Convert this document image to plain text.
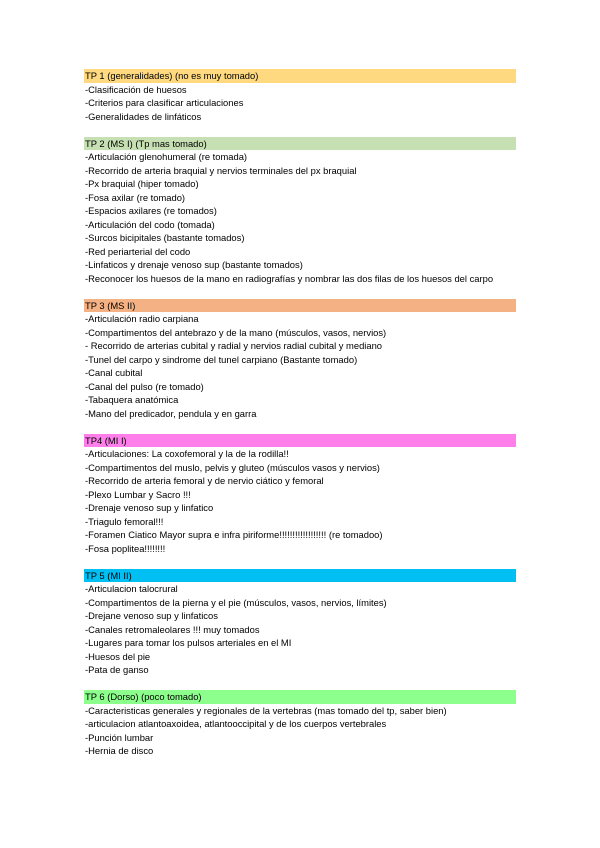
TP 1 (generalidades) (no es muy tomado)
-Clasificación de huesos
-Criterios para clasificar articulaciones
-Generalidades de linfáticos
TP 2 (MS I) (Tp mas tomado)
-Articulación glenohumeral (re tomada)
-Recorrido de arteria braquial y nervios terminales del px braquial
-Px braquial (hiper tomado)
-Fosa axilar (re tomado)
-Espacios axilares (re tomados)
-Articulación del codo (tomada)
-Surcos bicipitales (bastante tomados)
-Red periarterial del codo
-Linfaticos y drenaje venoso sup (bastante tomados)
-Reconocer los huesos de la mano en radiografías y nombrar las dos filas de los huesos del carpo
TP 3 (MS II)
-Articulación radio carpiana
-Compartimentos del antebrazo y de la mano (músculos, vasos, nervios)
- Recorrido de arterias cubital y radial y nervios radial cubital y mediano
-Tunel del carpo y sindrome del tunel carpiano (Bastante tomado)
-Canal cubital
-Canal del pulso (re tomado)
-Tabaquera anatómica
-Mano del predicador, pendula y en garra
TP4 (MI I)
-Articulaciones: La coxofemoral y la de la rodilla!!
-Compartimentos del muslo, pelvis y gluteo (músculos vasos y nervios)
-Recorrido de arteria femoral y de nervio ciático y femoral
-Plexo Lumbar y Sacro !!!
-Drenaje venoso sup y linfatico
-Triagulo femoral!!!
-Foramen Ciatico Mayor supra e infra piriforme!!!!!!!!!!!!!!!!!! (re tomadoo)
-Fosa poplitea!!!!!!!!
TP 5 (MI II)
-Articulacion talocrural
-Compartimentos de la pierna y el pie (músculos, vasos, nervios, límites)
-Drejane venoso sup y linfaticos
-Canales retromaleolares !!! muy tomados
-Lugares para tomar los pulsos arteriales en el MI
-Huesos del pie
-Pata de ganso
TP 6 (Dorso) (poco tomado)
-Caracteristicas generales y regionales de la vertebras (mas tomado del tp, saber bien)
-articulacion atlantoaxoidea, atlantooccipital y de los cuerpos vertebrales
-Punción lumbar
-Hernia de disco
